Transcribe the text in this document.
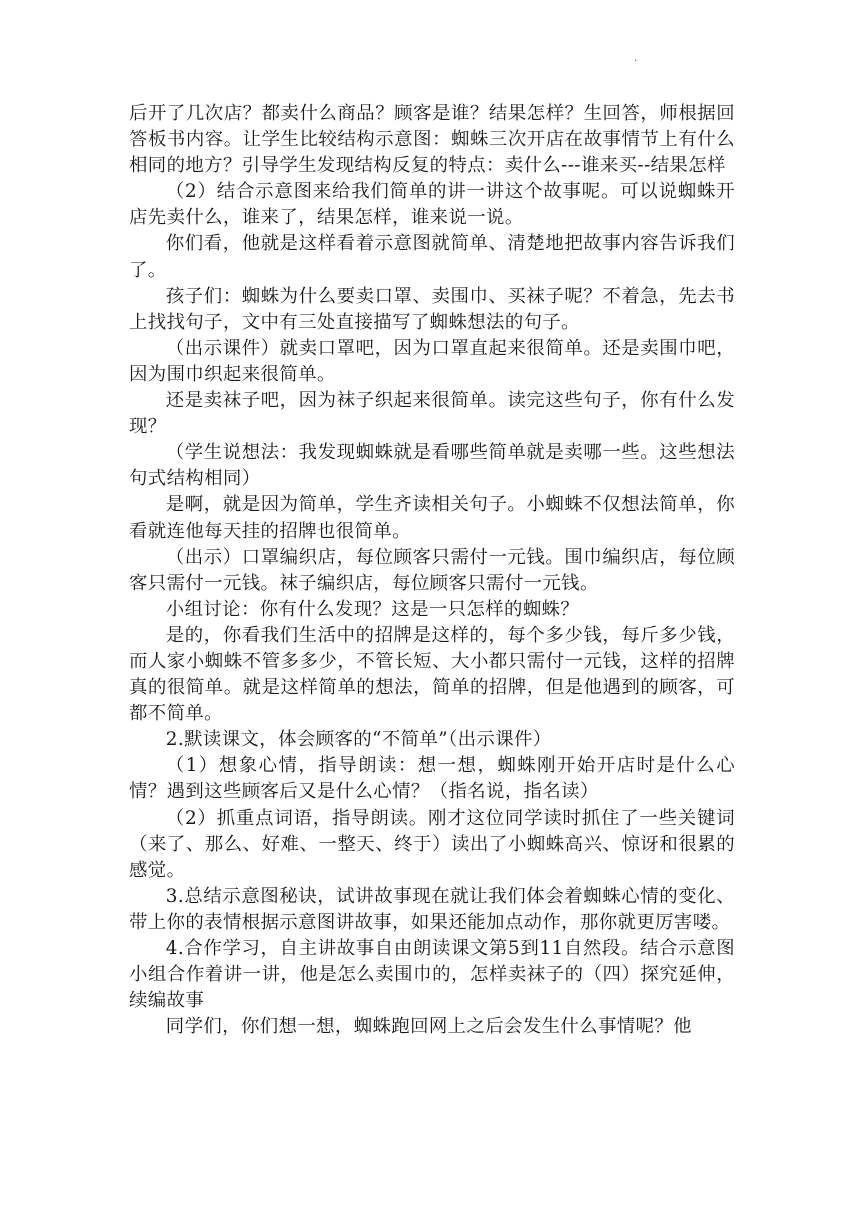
.

后开了几次店？都卖什么商品？顾客是谁？结果怎样？生回答，师根据回答板书内容。让学生比较结构示意图：蜘蛛三次开店在故事情节上有什么相同的地方？引导学生发现结构反复的特点：卖什么---谁来买--结果怎样

（2）结合示意图来给我们简单的讲一讲这个故事呢。可以说蜘蛛开店先卖什么，谁来了，结果怎样，谁来说一说。

你们看，他就是这样看着示意图就简单、清楚地把故事内容告诉我们了。

孩子们：蜘蛛为什么要卖口罩、卖围巾、买袜子呢？不着急，先去书上找找句子，文中有三处直接描写了蜘蛛想法的句子。

（出示课件）就卖口罩吧，因为口罩直起来很简单。还是卖围巾吧，因为围巾织起来很简单。

还是卖袜子吧，因为袜子织起来很简单。读完这些句子，你有什么发现？

（学生说想法：我发现蜘蛛就是看哪些简单就是卖哪一些。这些想法句式结构相同）

是啊，就是因为简单，学生齐读相关句子。小蜘蛛不仅想法简单，你看就连他每天挂的招牌也很简单。

（出示）口罩编织店，每位顾客只需付一元钱。围巾编织店，每位顾客只需付一元钱。袜子编织店，每位顾客只需付一元钱。

小组讨论：你有什么发现？这是一只怎样的蜘蛛？

是的，你看我们生活中的招牌是这样的，每个多少钱，每斤多少钱，而人家小蜘蛛不管多多少，不管长短、大小都只需付一元钱，这样的招牌真的很简单。就是这样简单的想法，简单的招牌，但是他遇到的顾客，可都不简单。

2.默读课文，体会顾客的“不简单”（出示课件）

（1）想象心情，指导朗读：想一想，蜘蛛刚开始开店时是什么心情？遇到这些顾客后又是什么心情？（指名说，指名读）

（2）抓重点词语，指导朗读。刚才这位同学读时抓住了一些关键词（来了、那么、好难、一整天、终于）读出了小蜘蛛高兴、惊讶和很累的感觉。

3.总结示意图秘诀，试讲故事现在就让我们体会着蜘蛛心情的变化、带上你的表情根据示意图讲故事，如果还能加点动作，那你就更厉害喽。

4.合作学习，自主讲故事自由朗读课文第5到11自然段。结合示意图小组合作着讲一讲，他是怎么卖围巾的，怎样卖袜子的（四）探究延伸，续编故事

同学们，你们想一想，蜘蛛跑回网上之后会发生什么事情呢？他
